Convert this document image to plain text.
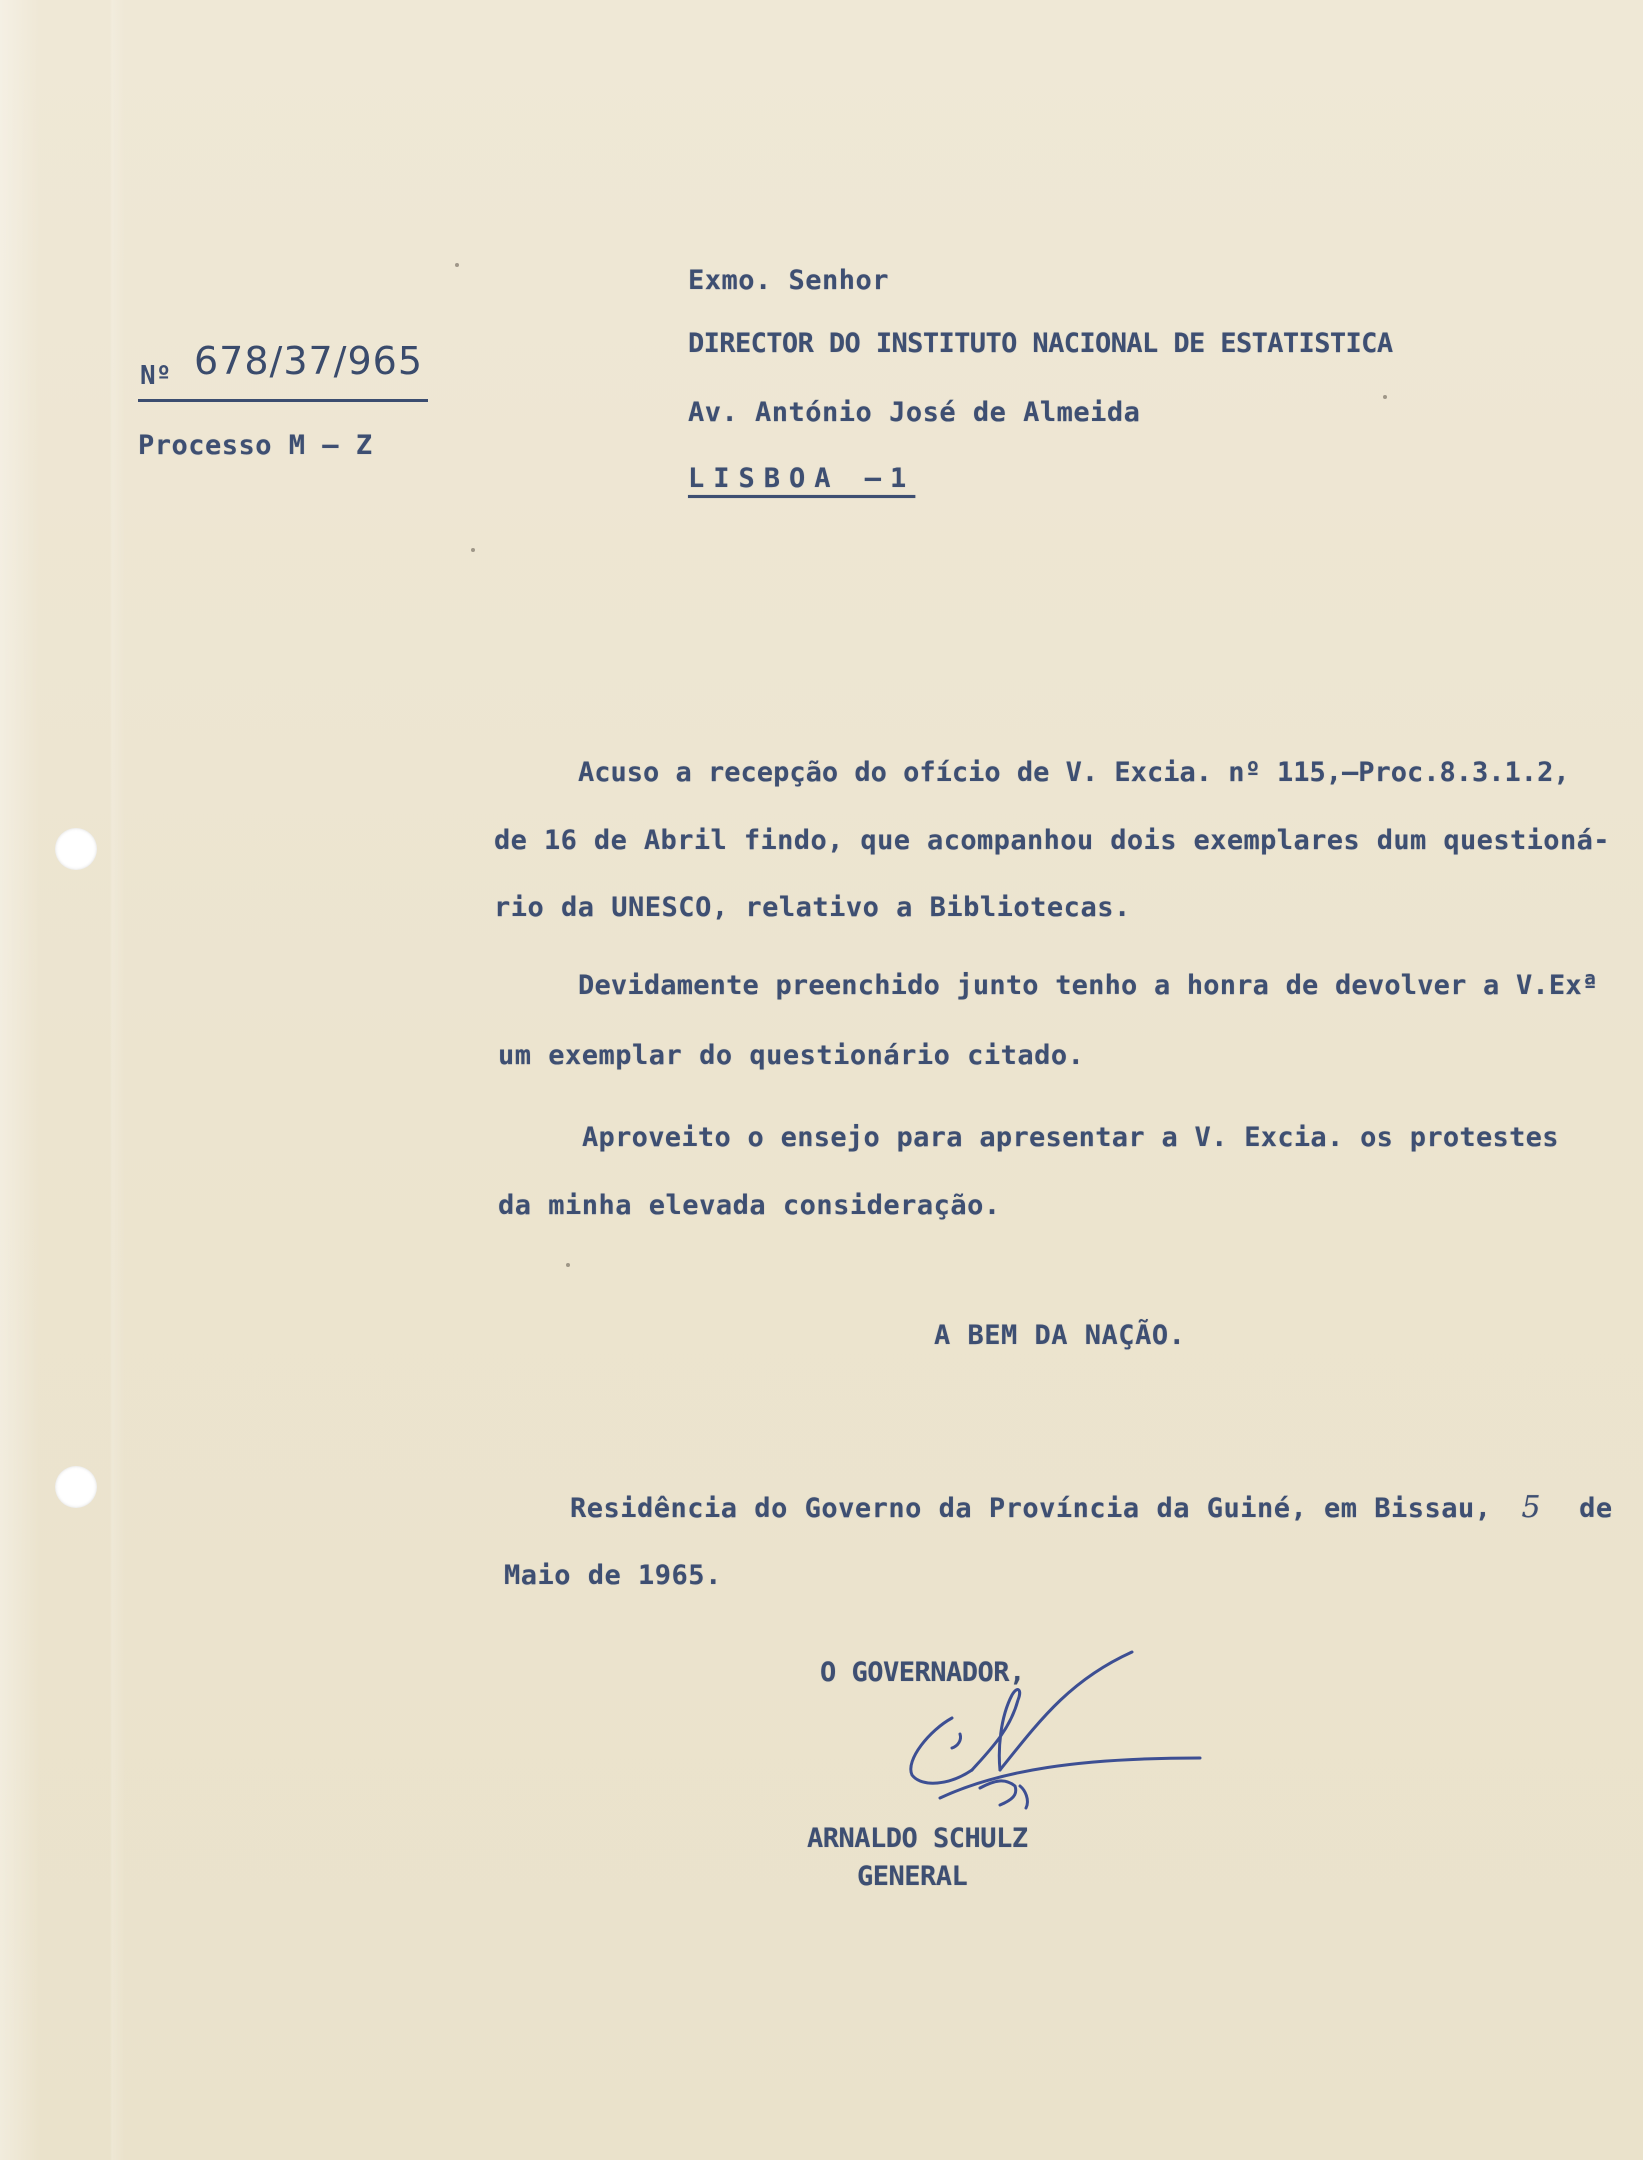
Nº 678/37/965
Processo M – Z
Exmo. Senhor
DIRECTOR DO INSTITUTO NACIONAL DE ESTATISTICA
Av. António José de Almeida
LISBOA –1
Acuso a recepção do ofício de V. Excia. nº 115,–Proc.8.3.1.2,
de 16 de Abril findo, que acompanhou dois exemplares dum questioná-
rio da UNESCO, relativo a Bibliotecas.
Devidamente preenchido junto tenho a honra de devolver a V.Exª
um exemplar do questionário citado.
Aproveito o ensejo para apresentar a V. Excia. os protestes
da minha elevada consideração.
A BEM DA NAÇÃO.
Residência do Governo da Província da Guiné, em Bissau, 5 de
Maio de 1965.
O GOVERNADOR,
ARNALDO SCHULZ
GENERAL
